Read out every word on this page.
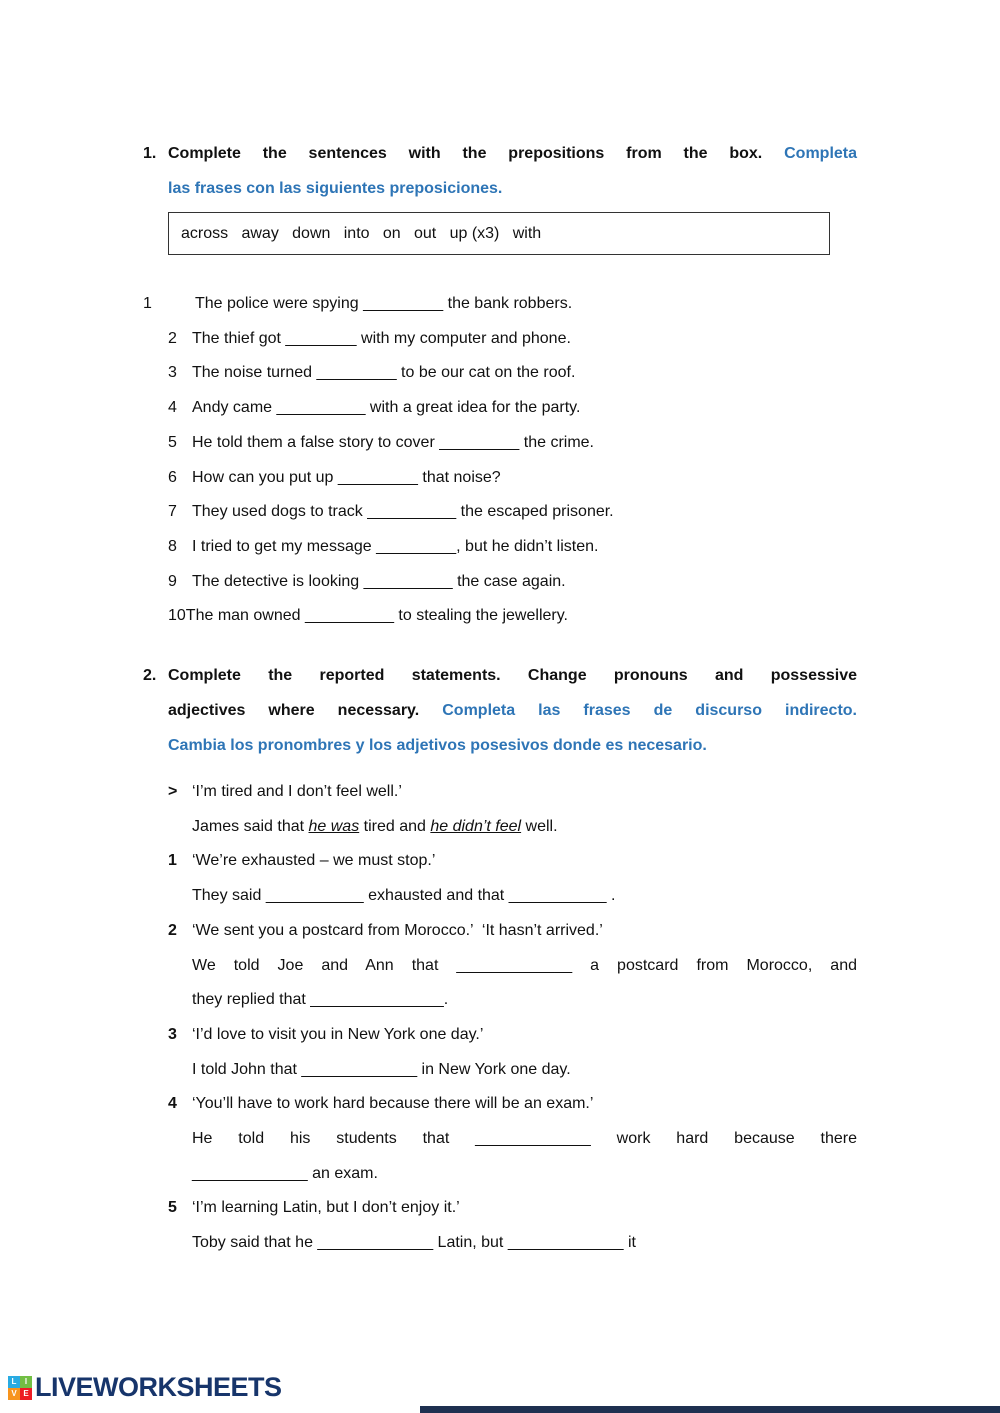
1. Complete the sentences with the prepositions from the box. Completa
las frases con las siguientes preposiciones.
across   away   down   into   on   out   up (x3)   with
1	The police were spying _________ the bank robbers.
2 The thief got ________ with my computer and phone.
3 The noise turned _________ to be our cat on the roof.
4 Andy came __________ with a great idea for the party.
5 He told them a false story to cover _________ the crime.
6 How can you put up _________ that noise?
7 They used dogs to track __________ the escaped prisoner.
8 I tried to get my message _________, but he didn’t listen.
9 The detective is looking __________ the case again.
10 The man owned __________ to stealing the jewellery.
2. Complete the reported statements. Change pronouns and possessive
adjectives where necessary. Completa las frases de discurso indirecto.
Cambia los pronombres y los adjetivos posesivos donde es necesario.
> ‘I’m tired and I don’t feel well.’
James said that he was tired and he didn’t feel well.
1 ‘We’re exhausted – we must stop.’
They said ___________ exhausted and that ___________ .
2 ‘We sent you a postcard from Morocco.’  ‘It hasn’t arrived.’
We told Joe and Ann that _____________ a postcard from Morocco, and
they replied that _______________.
3 ‘I’d love to visit you in New York one day.’
I told John that _____________ in New York one day.
4 ‘You’ll have to work hard because there will be an exam.’
He told his students that _____________ work hard because there
_____________ an exam.
5 ‘I’m learning Latin, but I don’t enjoy it.’
Toby said that he _____________ Latin, but _____________ it
L	I
V E LIVEWORKSHEETS
